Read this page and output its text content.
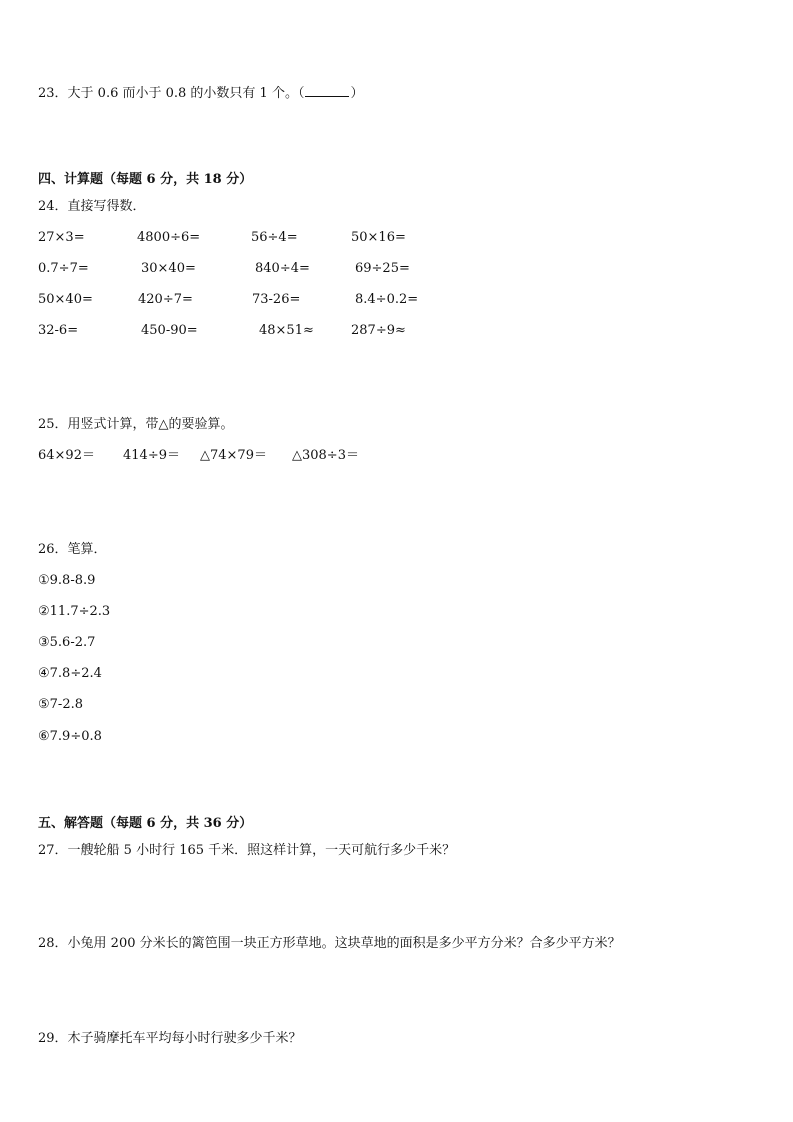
23．大于 0.6 而小于 0.8 的小数只有 1 个。（	）
四、计算题（每题 6 分，共 18 分）
24．直接写得数．
27×3=	4800÷6=	56÷4=	50×16=
0.7÷7=	30×40=	840÷4=	69÷25=
50×40=	420÷7=	73-26=	8.4÷0.2=
32-6=	450-90=	48×51≈	287÷9≈
25．用竖式计算，带△的要验算。
64×92＝ 414÷9＝ △74×79＝ △308÷3＝
26．笔算．
①9.8-8.9
②11.7÷2.3
③5.6-2.7
④7.8÷2.4
⑤7-2.8
⑥7.9÷0.8
五、解答题（每题 6 分，共 36 分）
27．一艘轮船 5 小时行 165 千米．照这样计算，一天可航行多少千米？
28．小兔用 200 分米长的篱笆围一块正方形草地。这块草地的面积是多少平方分米？合多少平方米？
29．木子骑摩托车平均每小时行驶多少千米？
